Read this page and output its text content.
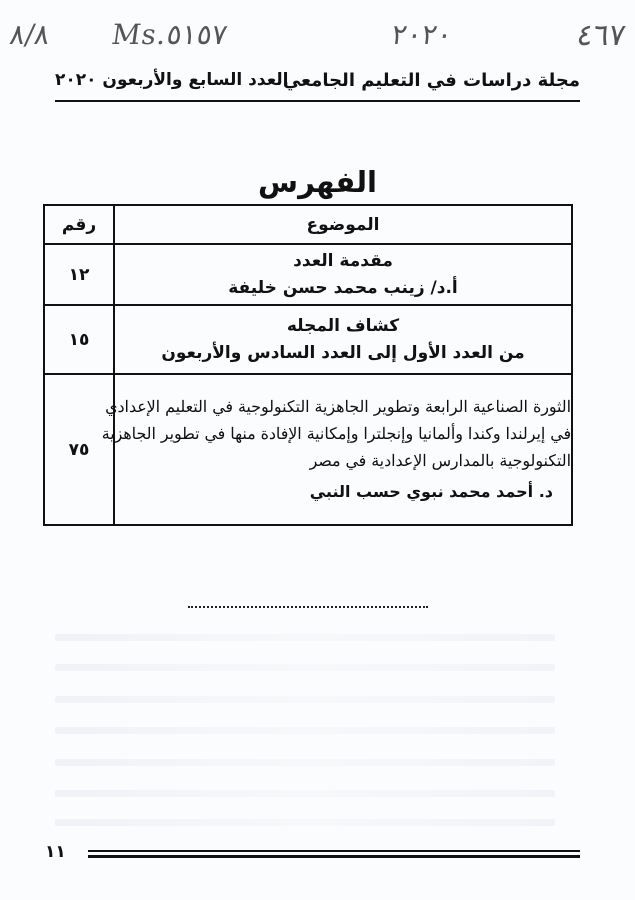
٨/٨ Ms.٥١٥٧	٢٠٢٠	٤٦٧
مجلة دراسات في التعليم الجامعي
العدد السابع والأربعون ٢٠٢٠
الفهرس
الموضوع	رقم

مقدمة العدد
أ.د/ زينب محمد حسن خليفة	١٢

كشاف المجله
من العدد الأول إلى العدد السادس والأربعون	١٥

الثورة الصناعية الرابعة وتطوير الجاهزية التكنولوجية في التعليم الإعدادي
في إيرلندا وكندا وألمانيا وإنجلترا وإمكانية الإفادة منها في تطوير الجاهزية
التكنولوجية بالمدارس الإعدادية في مصر
د. أحمد محمد نبوي حسب النبي	٧٥
١١
